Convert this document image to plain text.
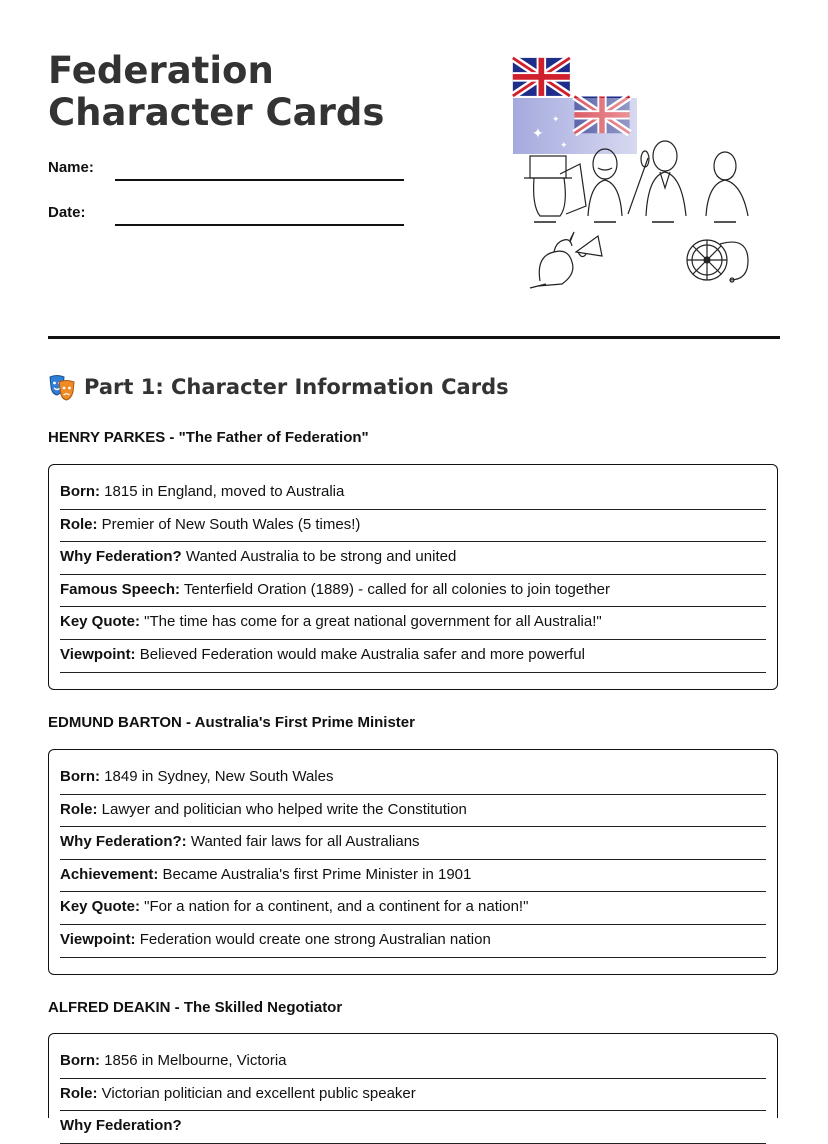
Federation Character Cards
Name:
Date:
Part 1: Character Information Cards
HENRY PARKES - "The Father of Federation"
Born: 1815 in England, moved to Australia
Role: Premier of New South Wales (5 times!)
Why Federation? Wanted Australia to be strong and united
Famous Speech: Tenterfield Oration (1889) - called for all colonies to join together
Key Quote: "The time has come for a great national government for all Australia!"
Viewpoint: Believed Federation would make Australia safer and more powerful
EDMUND BARTON - Australia's First Prime Minister
Born: 1849 in Sydney, New South Wales
Role: Lawyer and politician who helped write the Constitution
Why Federation?: Wanted fair laws for all Australians
Achievement: Became Australia's first Prime Minister in 1901
Key Quote: "For a nation for a continent, and a continent for a nation!"
Viewpoint: Federation would create one strong Australian nation
ALFRED DEAKIN - The Skilled Negotiator
Born: 1856 in Melbourne, Victoria
Role: Victorian politician and excellent public speaker
Why Federation?
